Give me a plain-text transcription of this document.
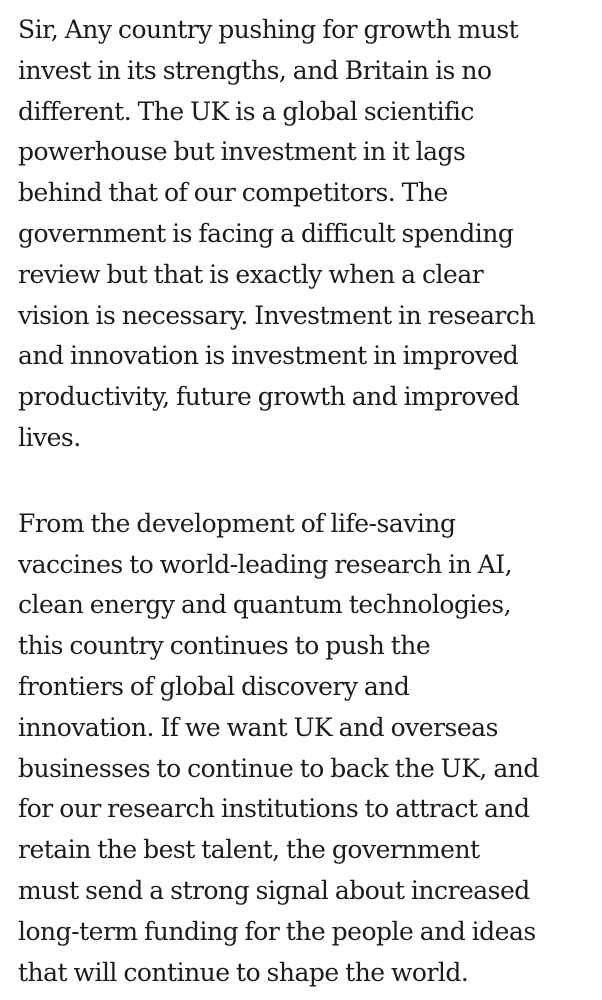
Sir, Any country pushing for growth must
invest in its strengths, and Britain is no
different. The UK is a global scientific
powerhouse but investment in it lags
behind that of our competitors. The
government is facing a difficult spending
review but that is exactly when a clear
vision is necessary. Investment in research
and innovation is investment in improved
productivity, future growth and improved
lives.

From the development of life-saving
vaccines to world-leading research in AI,
clean energy and quantum technologies,
this country continues to push the
frontiers of global discovery and
innovation. If we want UK and overseas
businesses to continue to back the UK, and
for our research institutions to attract and
retain the best talent, the government
must send a strong signal about increased
long-term funding for the people and ideas
that will continue to shape the world.
